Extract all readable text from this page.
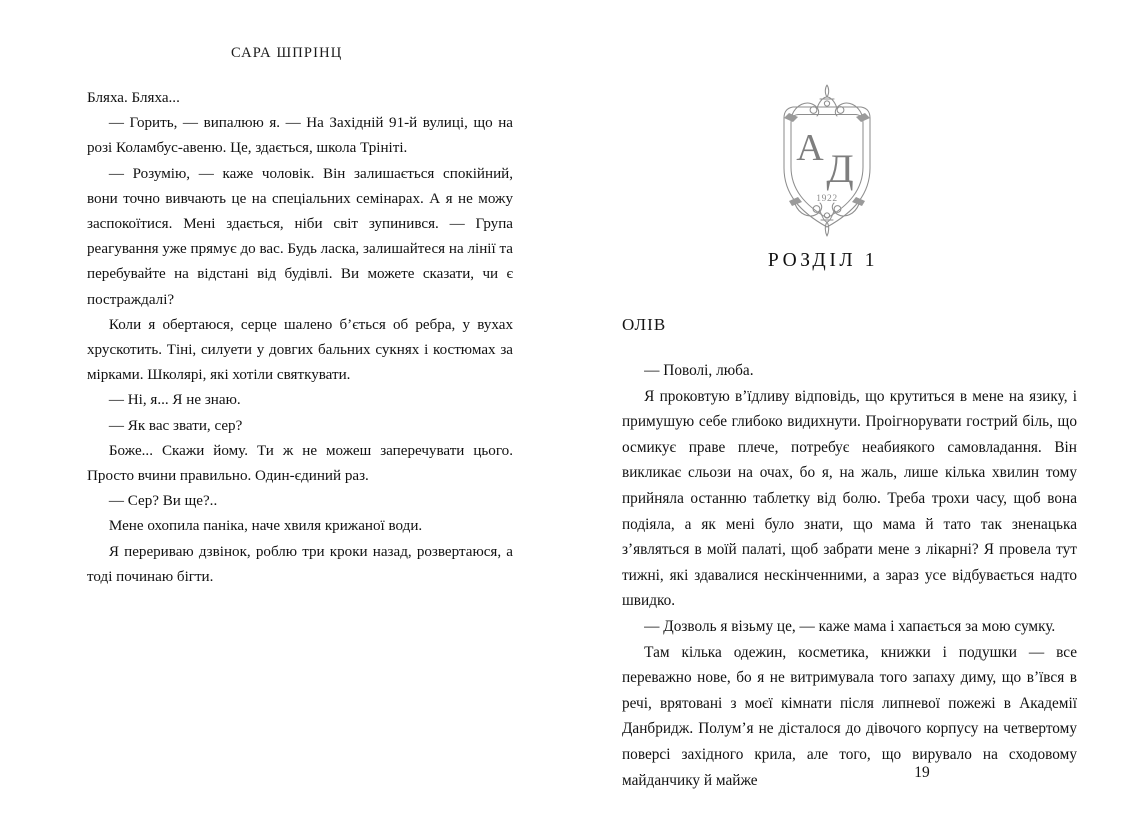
САРА ШПРІНЦ

Бляха. Бляха...

— Горить, — випалюю я. — На Західній 91-й вулиці, що на розі Коламбус-авеню. Це, здається, школа Трініті.

— Розумію, — каже чоловік. Він залишається спокійний, вони точно вивчають це на спеціальних семінарах. А я не можу заспокоїтися. Мені здається, ніби світ зупинився. — Група реагування уже прямує до вас. Будь ласка, залишайтеся на лінії та перебувайте на відстані від будівлі. Ви можете сказати, чи є постраждалі?

Коли я обертаюся, серце шалено б’ється об ребра, у вухах хрускотить. Тіні, силуети у довгих бальних сукнях і костюмах за мірками. Школярі, які хотіли святкувати.

— Ні, я... Я не знаю.

— Як вас звати, сер?

Боже... Скажи йому. Ти ж не можеш заперечувати цього. Просто вчини правильно. Один-єдиний раз.

— Сер? Ви ще?..

Мене охопила паніка, наче хвиля крижаної води.

Я перериваю дзвінок, роблю три кроки назад, розвертаюся, а тоді починаю бігти.

А Д
1922
РОЗДІЛ 1
ОЛІВ

— Поволі, люба.

Я проковтую в’їдливу відповідь, що крутиться в мене на язику, і примушую себе глибоко видихнути. Проігнорувати гострий біль, що осмикує праве плече, потребує неабиякого самовладання. Він викликає сльози на очах, бо я, на жаль, лише кілька хвилин тому прийняла останню таблетку від болю. Треба трохи часу, щоб вона подіяла, а як мені було знати, що мама й тато так зненацька з’являться в моїй палаті, щоб забрати мене з лікарні? Я провела тут тижні, які здавалися нескінченними, а зараз усе відбувається надто швидко.

— Дозволь я візьму це, — каже мама і хапається за мою сумку.

Там кілька одежин, косметика, книжки і подушки — все переважно нове, бо я не витримувала того запаху диму, що в’ївся в речі, врятовані з моєї кімнати після липневої пожежі в Академії Данбридж. Полум’я не дісталося до дівочого корпусу на четвертому поверсі західного крила, але того, що вирувало на сходовому майданчику й майже	19
